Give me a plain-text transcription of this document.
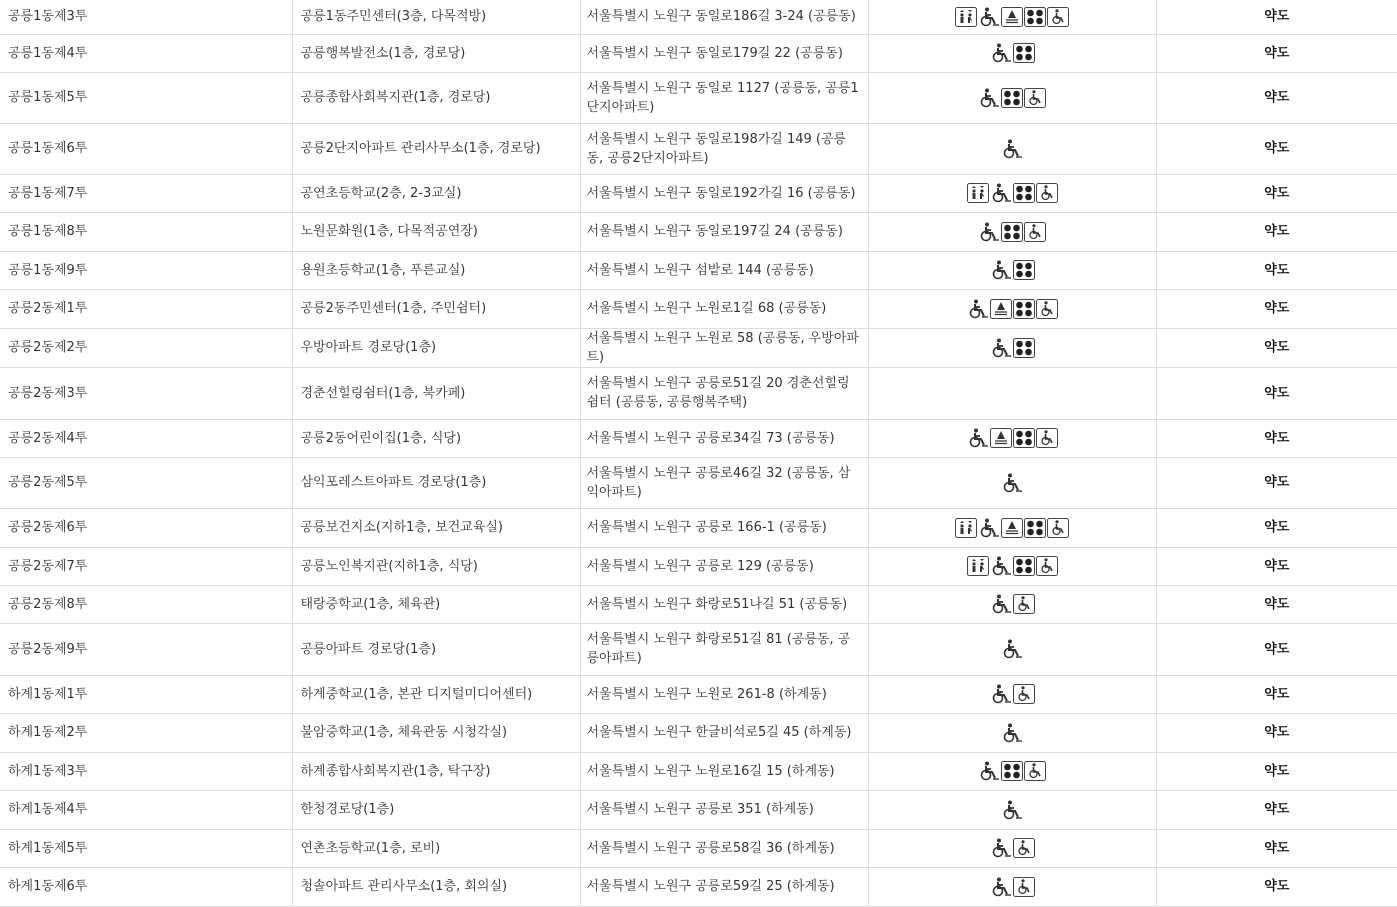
공릉1동제3투	공릉1동주민센터(3층, 다목적방)	서울특별시 노원구 동일로186길 3-24 (공릉동)		약도
공릉1동제4투	공릉행복발전소(1층, 경로당)	서울특별시 노원구 동일로179길 22 (공릉동)		약도
공릉1동제5투	공릉종합사회복지관(1층, 경로당)	서울특별시 노원구 동일로 1127 (공릉동, 공릉1단지아파트)		약도
공릉1동제6투	공릉2단지아파트 관리사무소(1층, 경로당)	서울특별시 노원구 동일로198가길 149 (공릉동, 공릉2단지아파트)		약도
공릉1동제7투	공연초등학교(2층, 2-3교실)	서울특별시 노원구 동일로192가길 16 (공릉동)		약도
공릉1동제8투	노원문화원(1층, 다목적공연장)	서울특별시 노원구 동일로197길 24 (공릉동)		약도
공릉1동제9투	용원초등학교(1층, 푸른교실)	서울특별시 노원구 섬밭로 144 (공릉동)		약도
공릉2동제1투	공릉2동주민센터(1층, 주민쉼터)	서울특별시 노원구 노원로1길 68 (공릉동)		약도
공릉2동제2투	우방아파트 경로당(1층)	서울특별시 노원구 노원로 58 (공릉동, 우방아파트)		약도
공릉2동제3투	경춘선힐링쉼터(1층, 북카페)	서울특별시 노원구 공릉로51길 20 경춘선힐링쉼터 (공릉동, 공릉행복주택)		약도
공릉2동제4투	공릉2동어린이집(1층, 식당)	서울특별시 노원구 공릉로34길 73 (공릉동)		약도
공릉2동제5투	삼익포레스트아파트 경로당(1층)	서울특별시 노원구 공릉로46길 32 (공릉동, 삼익아파트)		약도
공릉2동제6투	공릉보건지소(지하1층, 보건교육실)	서울특별시 노원구 공릉로 166-1 (공릉동)		약도
공릉2동제7투	공릉노인복지관(지하1층, 식당)	서울특별시 노원구 공릉로 129 (공릉동)		약도
공릉2동제8투	태랑중학교(1층, 체육관)	서울특별시 노원구 화랑로51나길 51 (공릉동)		약도
공릉2동제9투	공릉아파트 경로당(1층)	서울특별시 노원구 화랑로51길 81 (공릉동, 공릉아파트)		약도
하계1동제1투	하계중학교(1층, 본관 디지털미디어센터)	서울특별시 노원구 노원로 261-8 (하계동)		약도
하계1동제2투	불암중학교(1층, 체육관동 시청각실)	서울특별시 노원구 한글비석로5길 45 (하계동)		약도
하계1동제3투	하계종합사회복지관(1층, 탁구장)	서울특별시 노원구 노원로16길 15 (하계동)		약도
하계1동제4투	한청경로당(1층)	서울특별시 노원구 공릉로 351 (하계동)		약도
하계1동제5투	연촌초등학교(1층, 로비)	서울특별시 노원구 공릉로58길 36 (하계동)		약도
하계1동제6투	청솔아파트 관리사무소(1층, 회의실)	서울특별시 노원구 공릉로59길 25 (하계동)		약도
